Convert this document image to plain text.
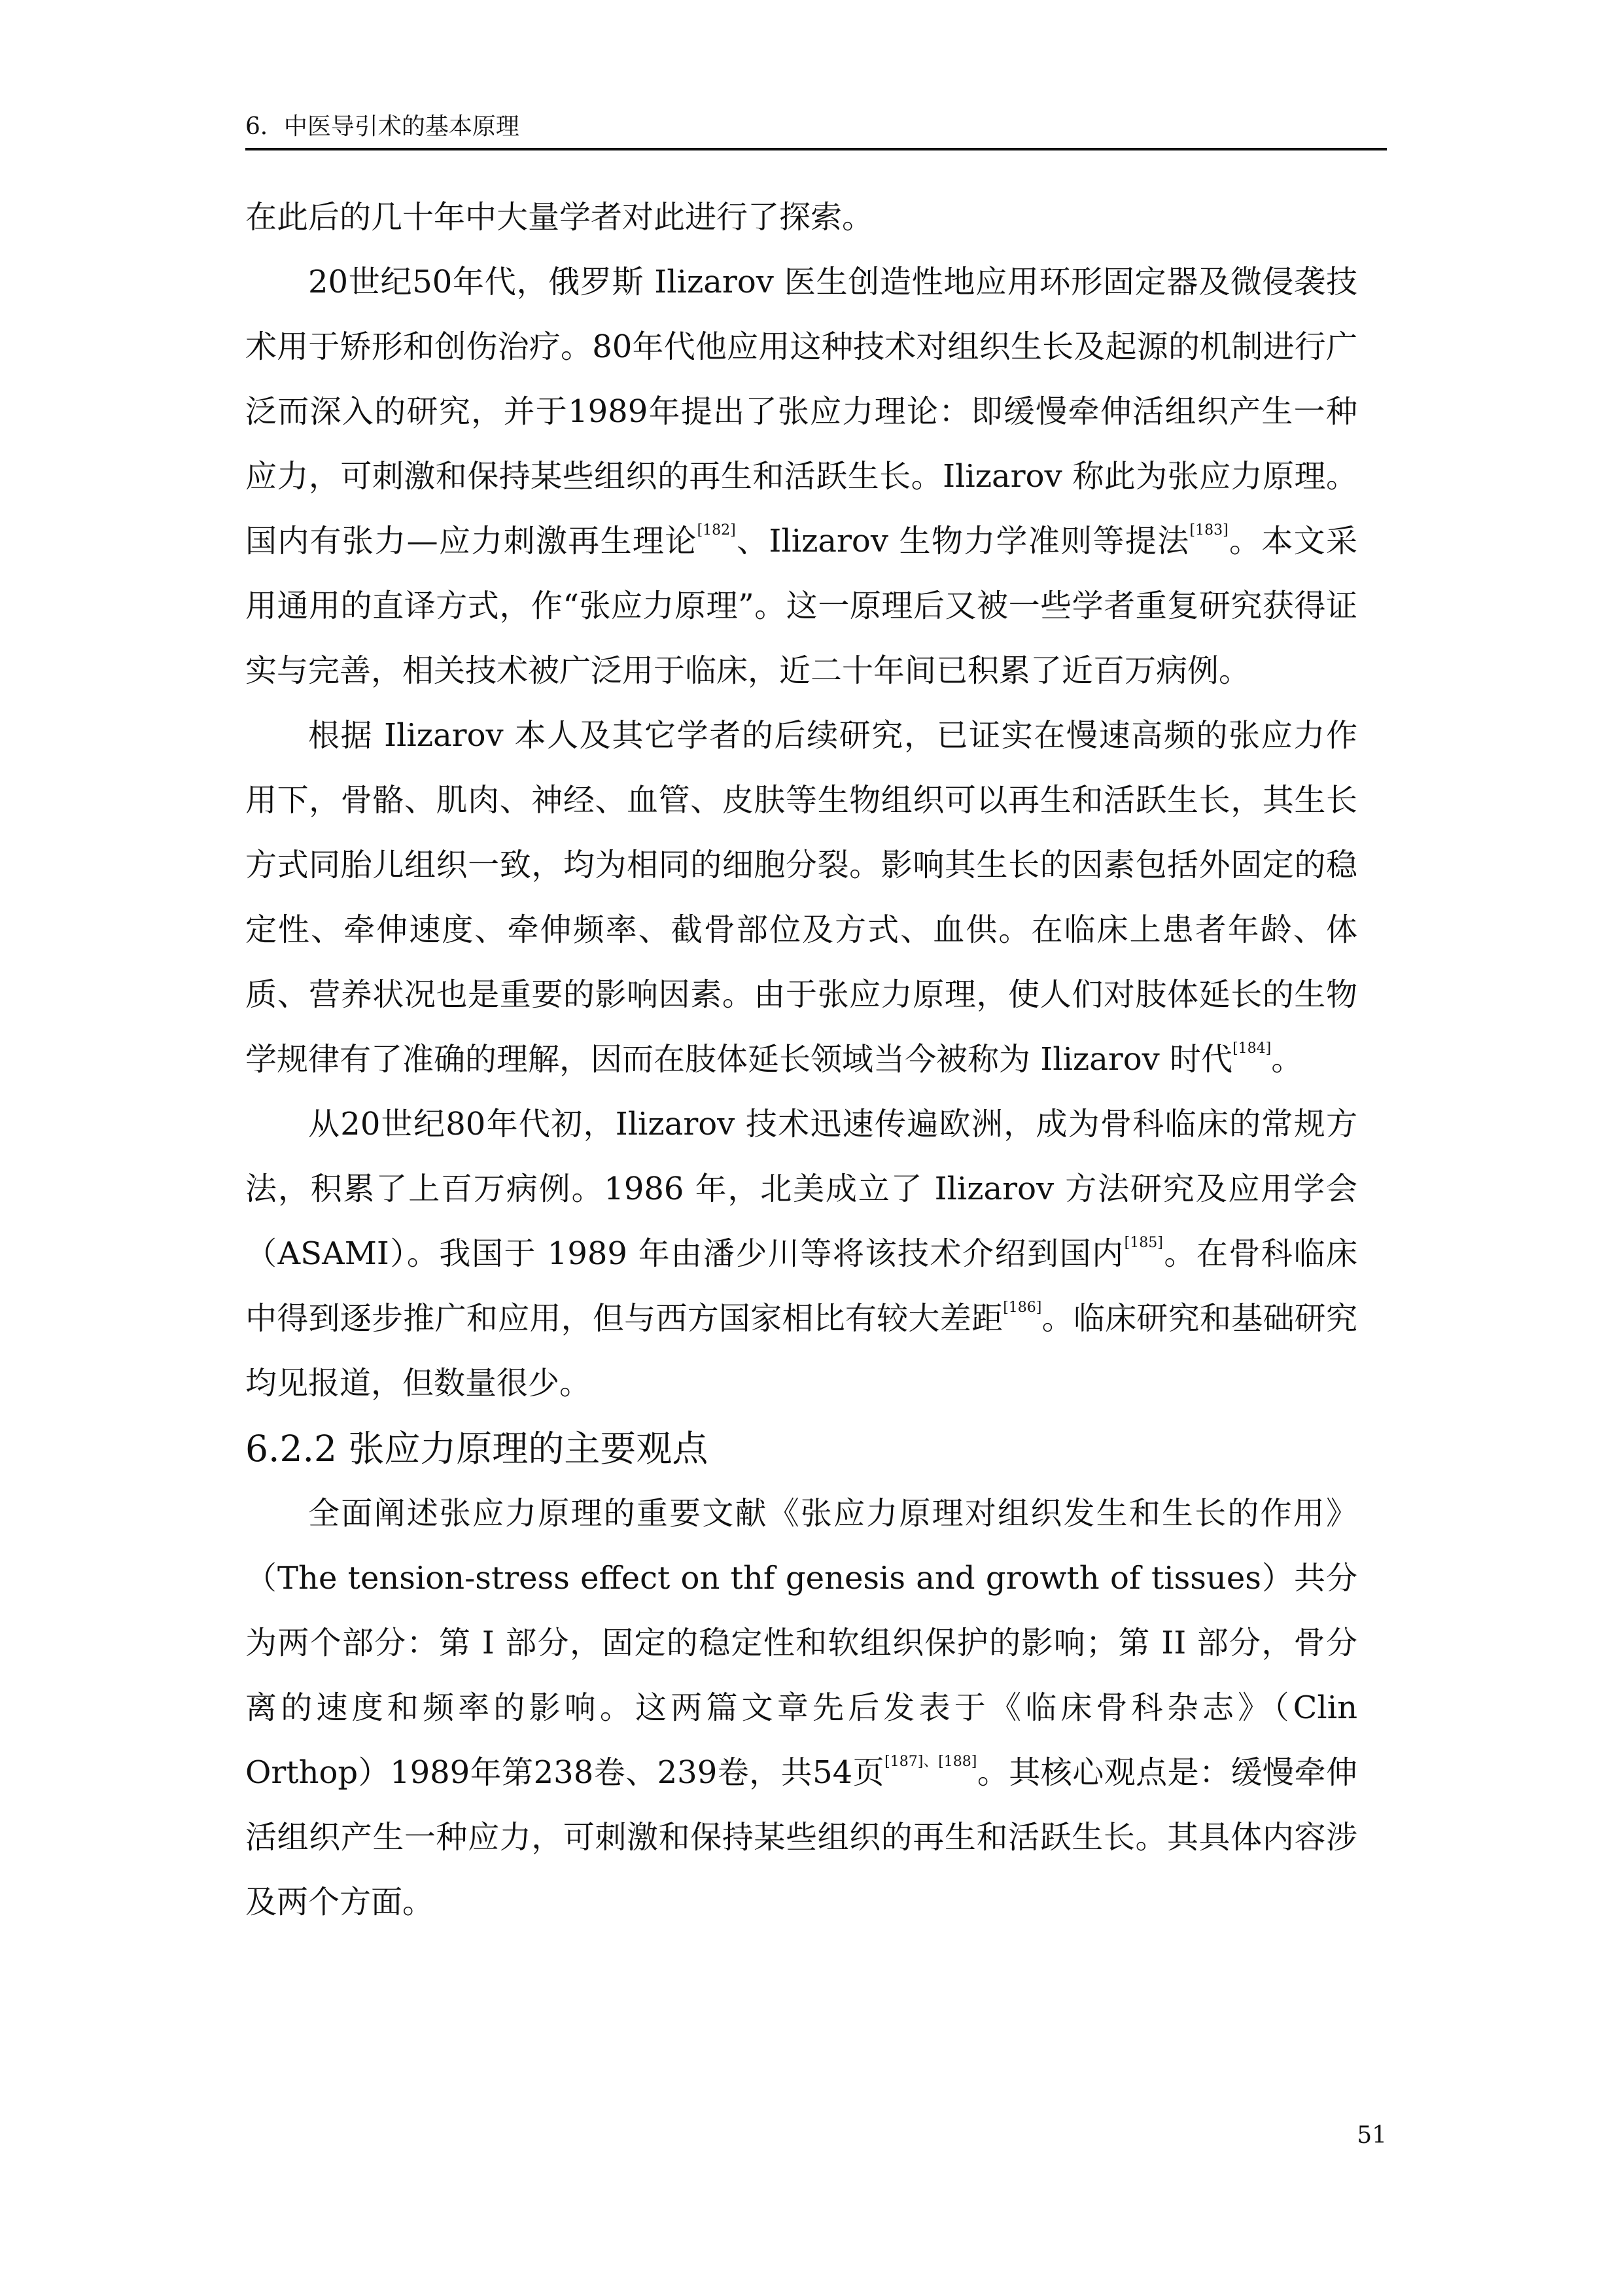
6．中医导引术的基本原理

在此后的几十年中大量学者对此进行了探索。

20世纪50年代，俄罗斯 Ilizarov 医生创造性地应用环形固定器及微侵袭技术用于矫形和创伤治疗。80年代他应用这种技术对组织生长及起源的机制进行广泛而深入的研究，并于1989年提出了张应力理论：即缓慢牵伸活组织产生一种应力，可刺激和保持某些组织的再生和活跃生长。Ilizarov 称此为张应力原理。国内有张力—应力刺激再生理论[182]、Ilizarov 生物力学准则等提法[183]。本文采用通用的直译方式，作“张应力原理”。这一原理后又被一些学者重复研究获得证实与完善，相关技术被广泛用于临床，近二十年间已积累了近百万病例。

根据 Ilizarov 本人及其它学者的后续研究，已证实在慢速高频的张应力作用下，骨骼、肌肉、神经、血管、皮肤等生物组织可以再生和活跃生长，其生长方式同胎儿组织一致，均为相同的细胞分裂。影响其生长的因素包括外固定的稳定性、牵伸速度、牵伸频率、截骨部位及方式、血供。在临床上患者年龄、体质、营养状况也是重要的影响因素。由于张应力原理，使人们对肢体延长的生物学规律有了准确的理解，因而在肢体延长领域当今被称为 Ilizarov 时代[184]。

从20世纪80年代初，Ilizarov 技术迅速传遍欧洲，成为骨科临床的常规方法，积累了上百万病例。1986 年，北美成立了 Ilizarov 方法研究及应用学会（ASAMI）。我国于 1989 年由潘少川等将该技术介绍到国内[185]。在骨科临床中得到逐步推广和应用，但与西方国家相比有较大差距[186]。临床研究和基础研究均见报道，但数量很少。

6.2.2 张应力原理的主要观点

全面阐述张应力原理的重要文献《张应力原理对组织发生和生长的作用》（The tension-stress effect on thf genesis and growth of tissues）共分为两个部分：第 I 部分，固定的稳定性和软组织保护的影响；第 II 部分，骨分离的速度和频率的影响。这两篇文章先后发表于《临床骨科杂志》（Clin Orthop）1989年第238卷、239卷，共54页[187]、[188]。其核心观点是：缓慢牵伸活组织产生一种应力，可刺激和保持某些组织的再生和活跃生长。其具体内容涉及两个方面。

51
